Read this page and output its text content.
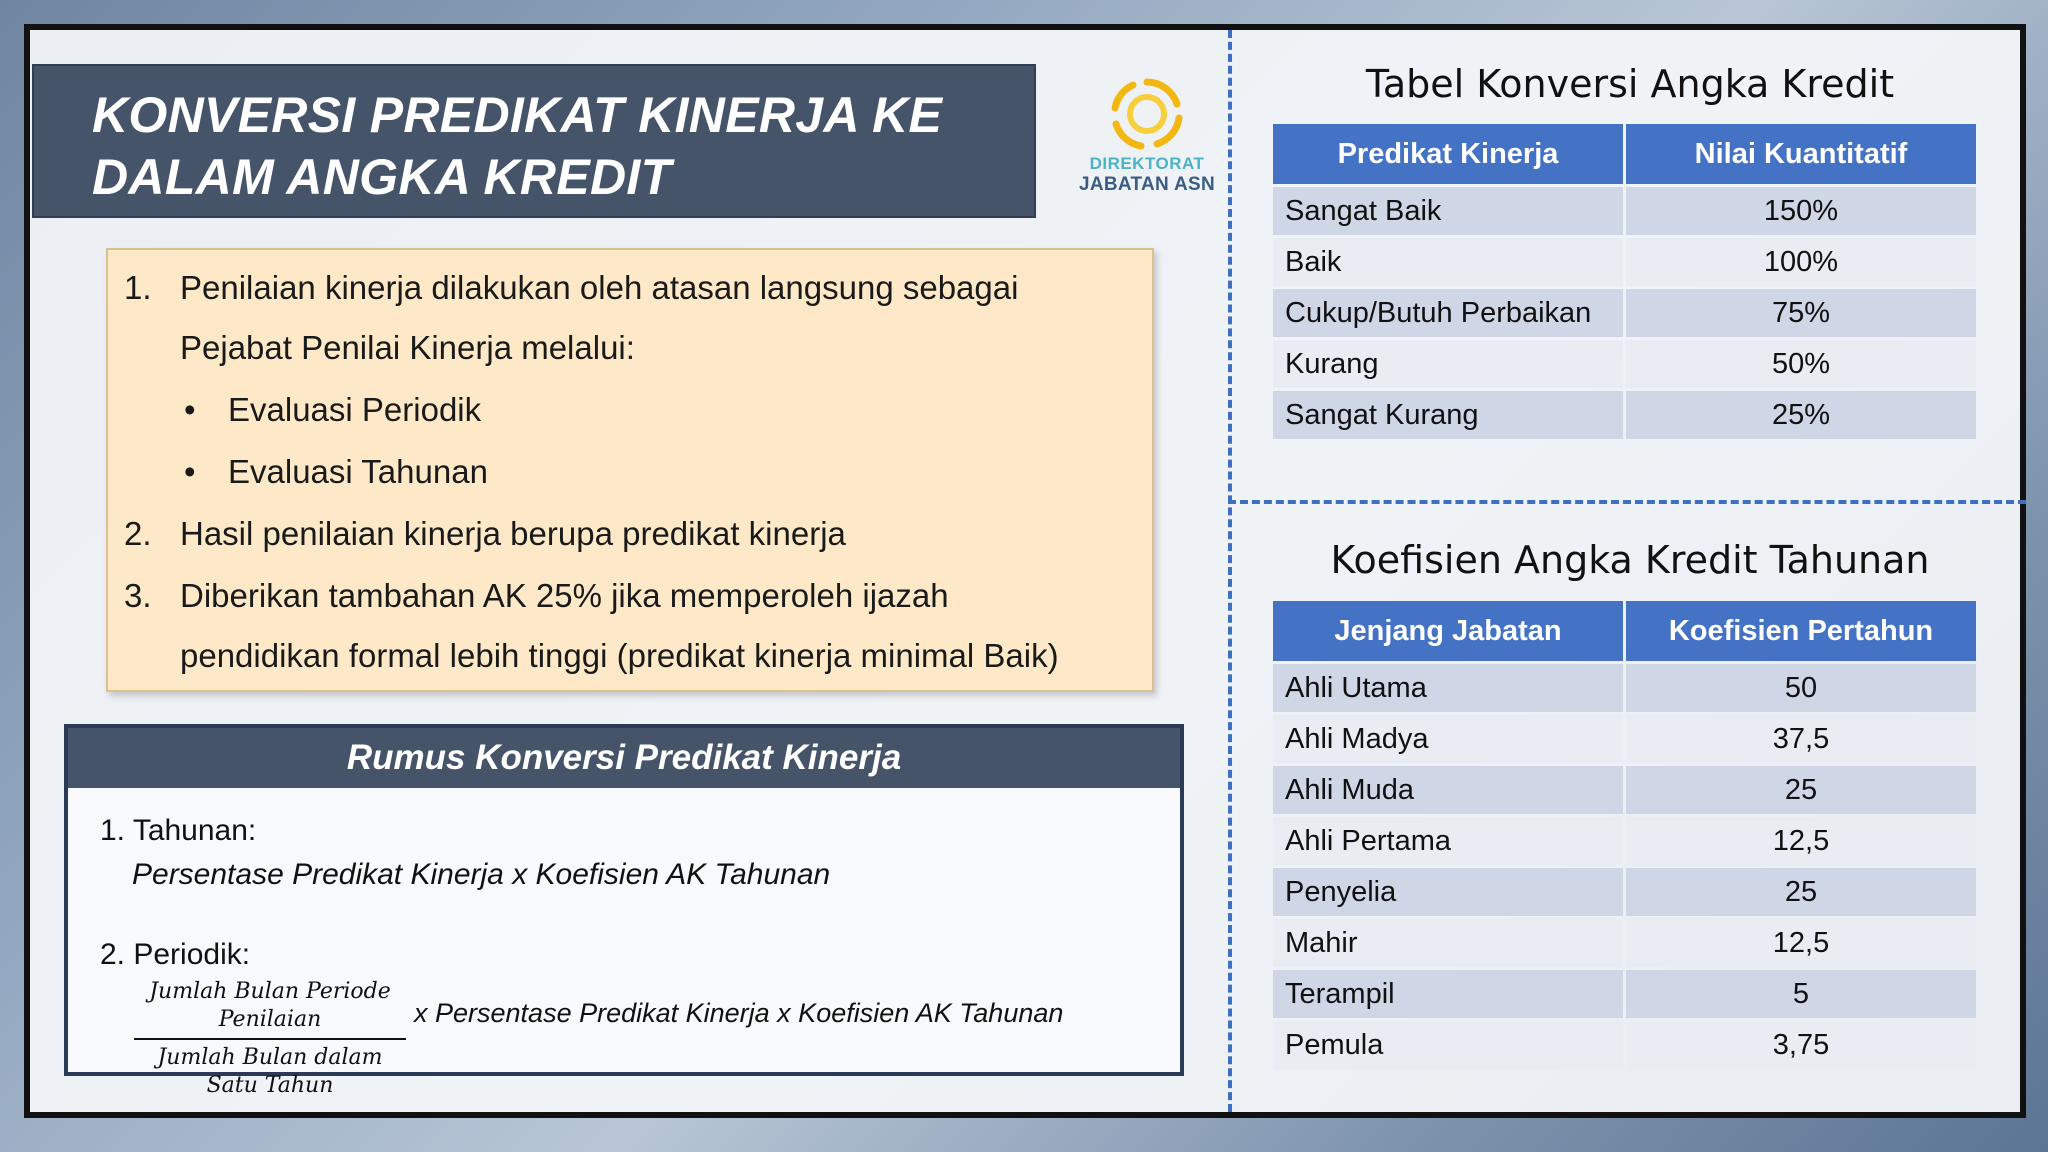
KONVERSI PREDIKAT KINERJA KE
DALAM ANGKA KREDIT	DIREKTORAT
JABATAN ASN
1. Penilaian kinerja dilakukan oleh atasan langsung sebagai
Pejabat Penilai Kinerja melalui:
• Evaluasi Periodik
• Evaluasi Tahunan
2. Hasil penilaian kinerja berupa predikat kinerja
3. Diberikan tambahan AK 25% jika memperoleh ijazah
pendidikan formal lebih tinggi (predikat kinerja minimal Baik)
Rumus Konversi Predikat Kinerja
1. Tahunan:
Persentase Predikat Kinerja x Koefisien AK Tahunan
2. Periodik:
Jumlah Bulan Periode Penilaian
Jumlah Bulan dalam Satu Tahun
x Persentase Predikat Kinerja x Koefisien AK Tahunan
Tabel Konversi Angka Kredit
Predikat Kinerja	Nilai Kuantitatif
Sangat Baik	150%
Baik	100%
Cukup/Butuh Perbaikan	75%
Kurang	50%
Sangat Kurang	25%
Koefisien Angka Kredit Tahunan
Jenjang Jabatan	Koefisien Pertahun
Ahli Utama	50
Ahli Madya	37,5
Ahli Muda	25
Ahli Pertama	12,5
Penyelia	25
Mahir	12,5
Terampil	5
Pemula	3,75
